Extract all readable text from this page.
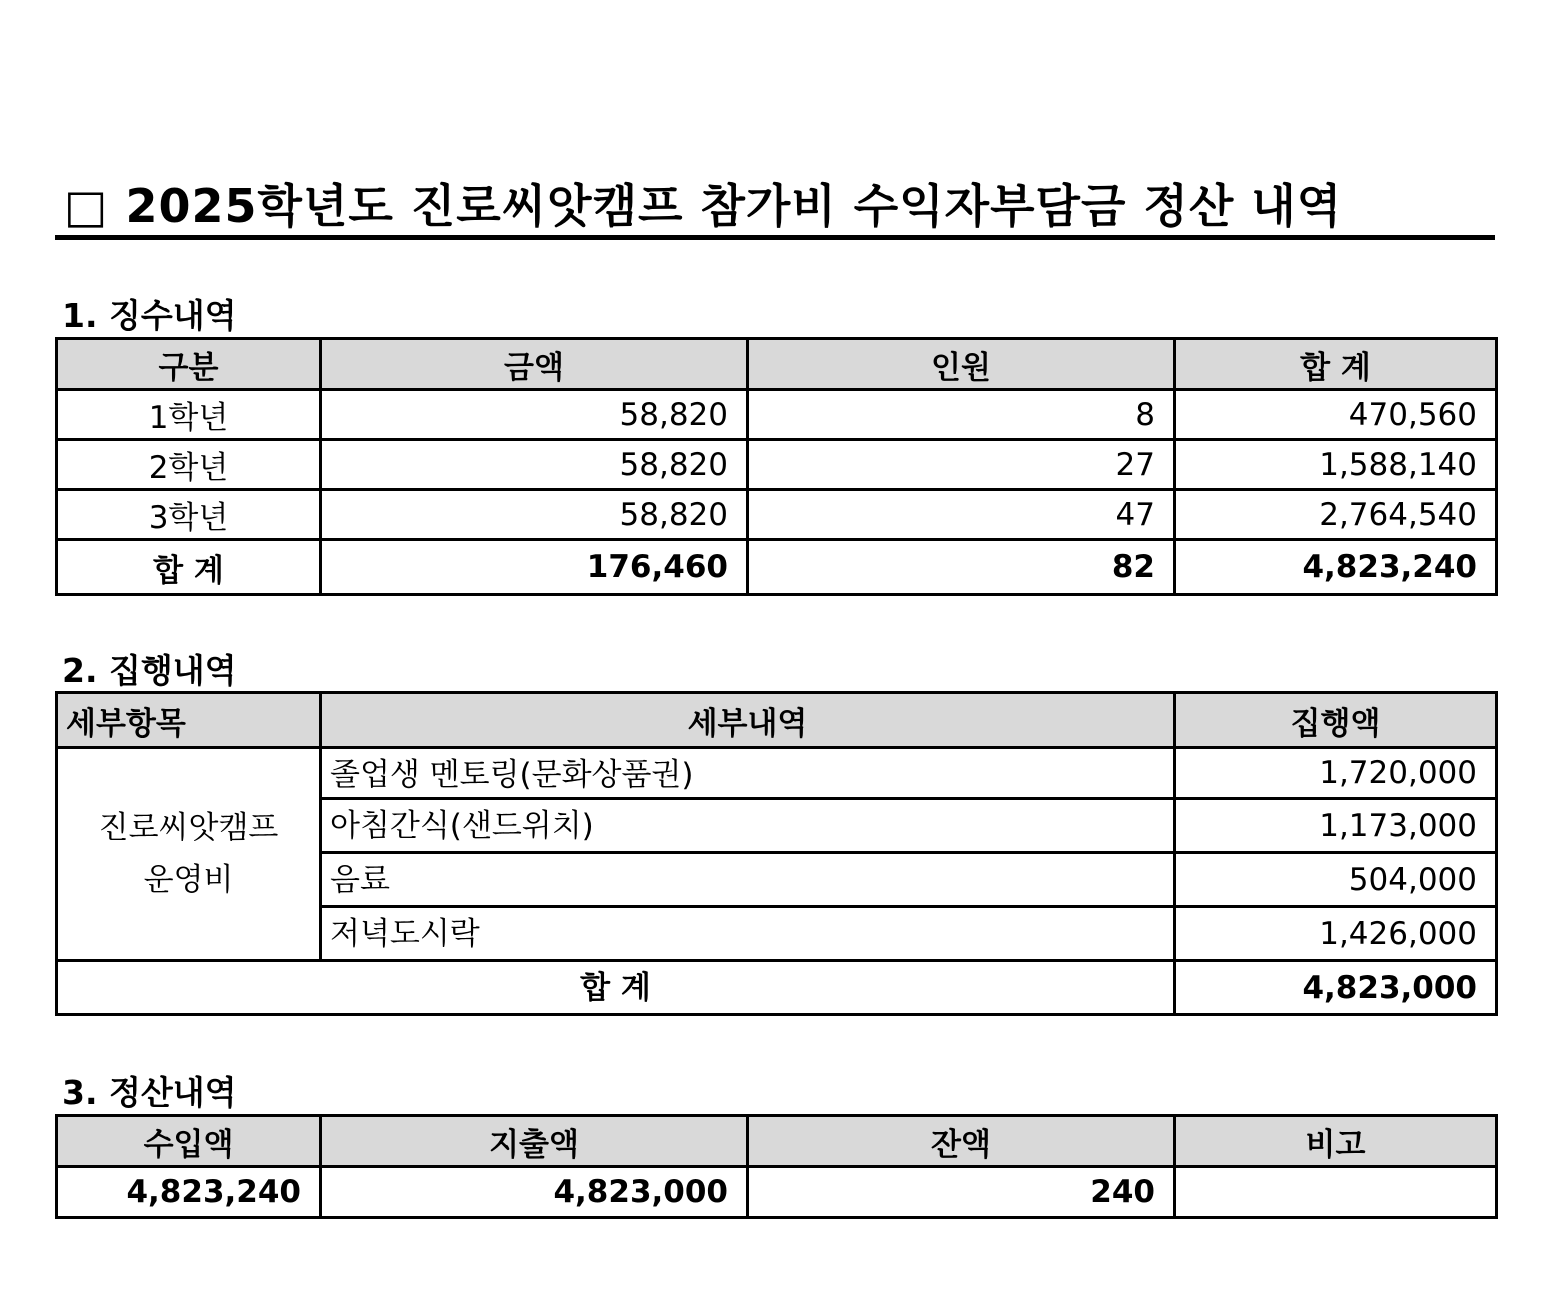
□ 2025학년도 진로씨앗캠프 참가비 수익자부담금 정산 내역
1. 징수내역
구분	금액	인원	합 계
1학년	58,820	8	470,560
2학년	58,820	27	1,588,140
3학년	58,820	47	2,764,540
합 계	176,460	82	4,823,240
2. 집행내역
세부항목	세부내역	집행액

진로씨앗캠프
운영비	졸업생 멘토링(문화상품권)	1,720,000
	아침간식(샌드위치)	1,173,000
	음료	504,000
	저녁도시락	1,426,000
합 계		4,823,000
3. 정산내역
수입액	지출액	잔액	비고
4,823,240	4,823,000	240	
